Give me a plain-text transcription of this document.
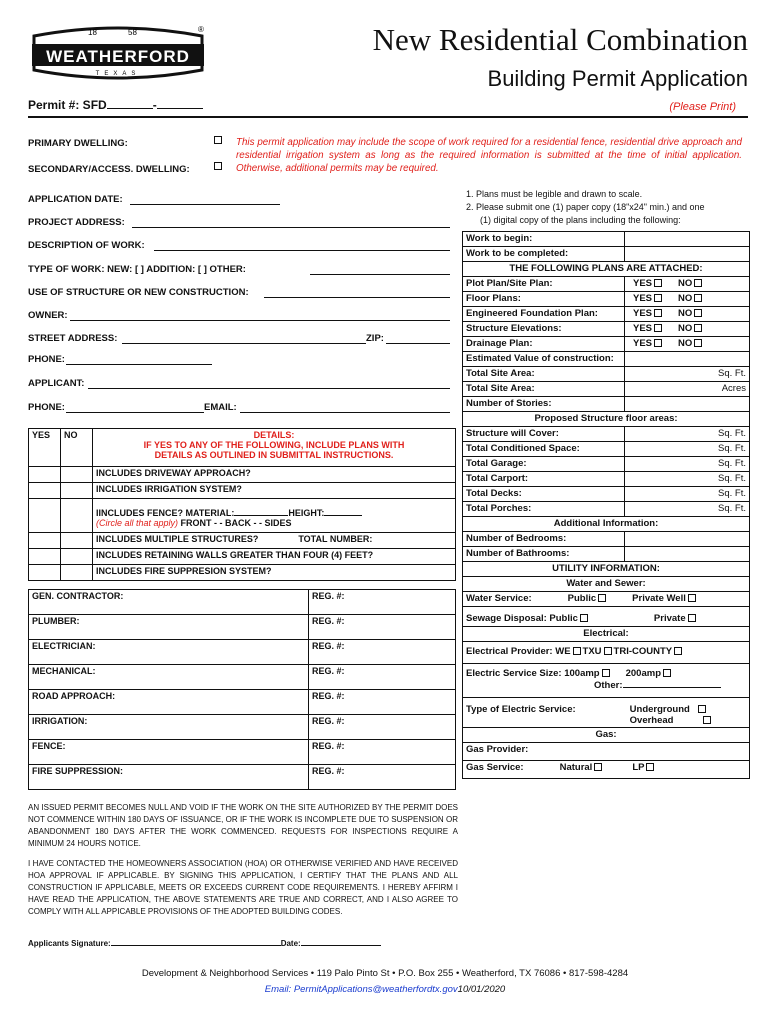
18	58
WEATHERFORD
TEXAS
®	New Residential Combination
Building Permit Application
(Please Print)
Permit #: SFD	-
PRIMARY DWELLING:
SECONDARY/ACCESS. DWELLING:
This permit application may include the scope of work required for a residential fence, residential drive approach and residential irrigation system as long as the required information is submitted at the time of initial application. Otherwise, additional permits may be required.
1. Plans must be legible and drawn to scale.
2. Please submit one (1) paper copy (18"x24" min.) and one
(1) digital copy of the plans including the following:
APPLICATION DATE:
PROJECT ADDRESS:
DESCRIPTION OF WORK:
TYPE OF WORK: NEW: [ ] ADDITION: [ ] OTHER:
USE OF STRUCTURE OR NEW CONSTRUCTION:
OWNER:
STREET ADDRESS:	ZIP:
PHONE:
APPLICANT:
PHONE:	EMAIL:
YES	NO	DETAILS:
IF YES TO ANY OF THE FOLLOWING, INCLUDE PLANS WITH
DETAILS AS OUTLINED IN SUBMITTAL INSTRUCTIONS.

		INCLUDES DRIVEWAY APPROACH?
		INCLUDES IRRIGATION SYSTEM?
		IINCLUDES FENCE? MATERIAL: HEIGHT:
(Circle all that apply) FRONT - - BACK - - SIDES
		INCLUDES MULTIPLE STRUCTURES? TOTAL NUMBER:
		INCLUDES RETAINING WALLS GREATER THAN FOUR (4) FEET?
		INCLUDES FIRE SUPPRESION SYSTEM?
GEN. CONTRACTOR:	REG. #:
PLUMBER:	REG. #:
ELECTRICIAN:	REG. #:
MECHANICAL:	REG. #:
ROAD APPROACH:	REG. #:
IRRIGATION:	REG. #:
FENCE:	REG. #:
FIRE SUPPRESSION:	REG. #:
Work to begin:	
Work to be completed:	
THE FOLLOWING PLANS ARE ATTACHED:	
Plot Plan/Site Plan:	YES NO
Floor Plans:	YES NO
Engineered Foundation Plan:	YES NO
Structure Elevations:	YES NO
Drainage Plan:	YES NO
Estimated Value of construction:	
Total Site Area:	Sq. Ft.
Total Site Area:	Acres
Number of Stories:	
Proposed Structure floor areas:	
Structure will Cover:	Sq. Ft.
Total Conditioned Space:	Sq. Ft.
Total Garage:	Sq. Ft.
Total Carport:	Sq. Ft.
Total Decks:	Sq. Ft.
Total Porches:	Sq. Ft.
Additional Information:	
Number of Bedrooms:	
Number of Bathrooms:	
UTILITY INFORMATION:	
Water and Sewer:	
Water Service: Public Private Well	
Sewage Disposal: Public Private	
Electrical:	
Electrical Provider: WE TXU TRI-COUNTY	
Electric Service Size: 100amp 200amp
Other:	
Type of Electric Service: Underground
Overhead	
Gas:	
Gas Provider:	
Gas Service: Natural LP	
AN ISSUED PERMIT BECOMES NULL AND VOID IF THE WORK ON THE SITE AUTHORIZED BY THE PERMIT DOES NOT COMMENCE WITHIN 180 DAYS OF ISSUANCE, OR IF THE WORK IS INCOMPLETE DUE TO SUSPENSION OR ABANDONMENT 180 DAYS AFTER THE WORK COMMENCED. REQUESTS FOR INSPECTIONS REQUIRE A MINIMUM 24 HOURS NOTICE.
I HAVE CONTACTED THE HOMEOWNERS ASSOCIATION (HOA) OR OTHERWISE VERIFIED AND HAVE RECEIVED HOA APPROVAL IF APPLICABLE. BY SIGNING THIS APPLICATION, I CERTIFY THAT THE PLANS AND ALL CONSTRUCTION IF APPLICABLE, MEETS OR EXCEEDS CURRENT CODE REQUIREMENTS. I HEREBY AFFIRM I HAVE READ THE APPLICATION, THE ABOVE STATEMENTS ARE TRUE AND CORRECT, AND I ALSO AGREE TO COMPLY WITH ALL APPICABLE PROVISIONS OF THE ADOPTED BUILDING CODES.
Applicants Signature:	Date:
Development & Neighborhood Services • 119 Palo Pinto St • P.O. Box 255 • Weatherford, TX 76086 • 817-598-4284
Email: PermitApplications@weatherfordtx.gov10/01/2020
